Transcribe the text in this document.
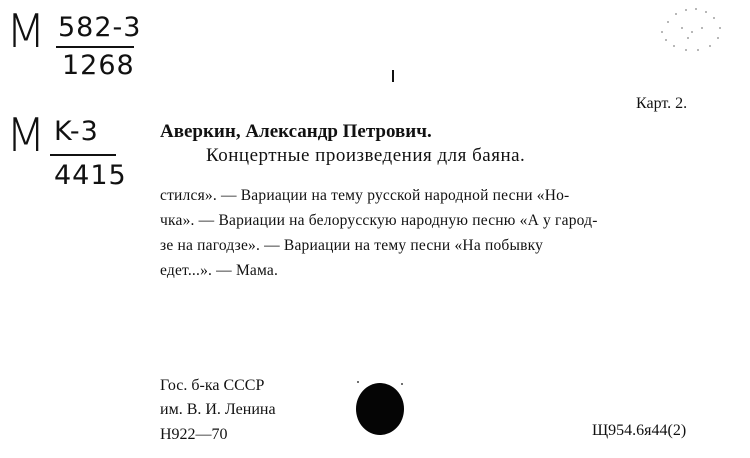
M 582-3
1268
M K-3
4415
Карт. 2.
Аверкин, Александр Петрович.
Концертные произведения для баяна.
стился». — Вариации на тему русской народной песни «Но-
чка». — Вариации на белорусскую народную песню «А у гарод-
зе на пагодзе». — Вариации на тему песни «На побывку
едет...». — Мама.
Гос. б-ка СССР
им. В. И. Ленина
Н922—70	Щ954.6я44(2)
